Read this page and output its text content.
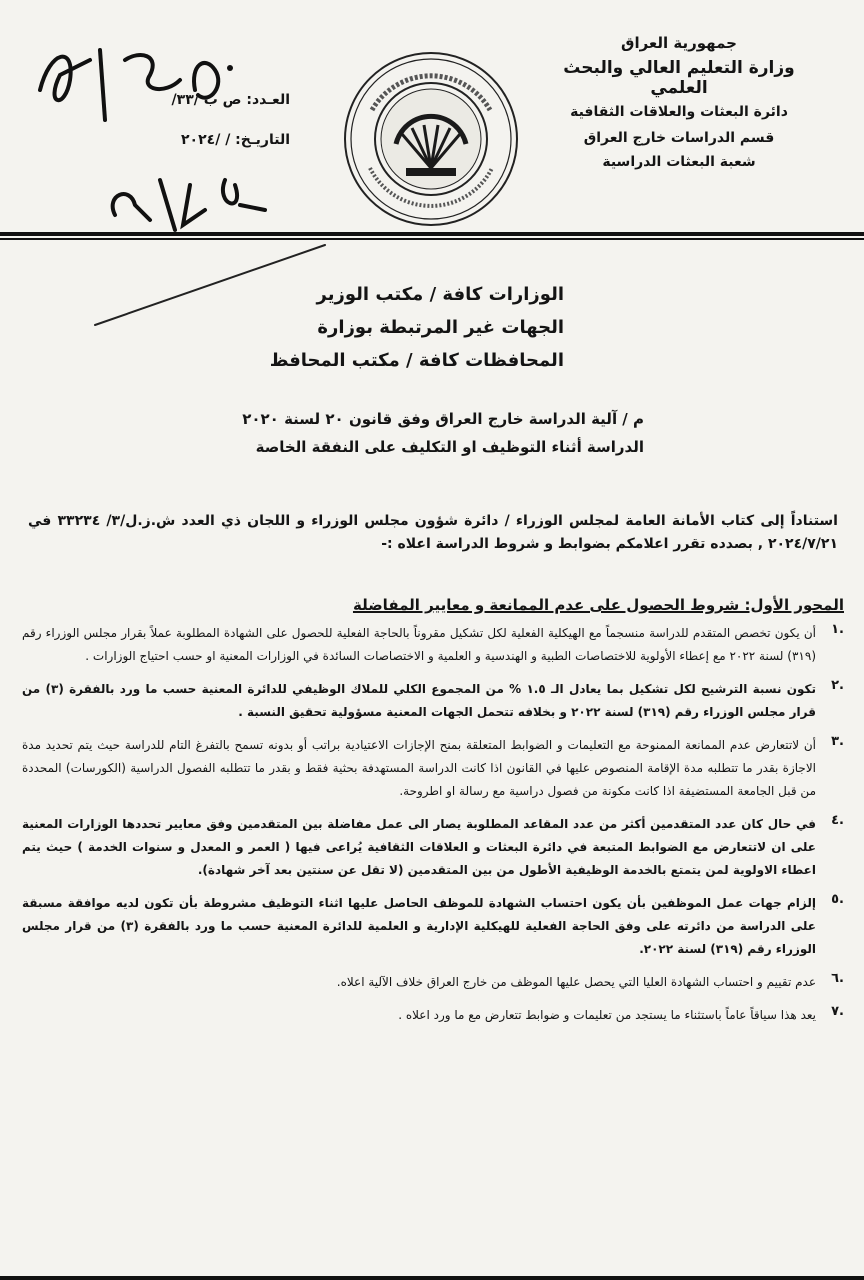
العـدد: ص ب /٣٣/
التاريـخ: / /٢٠٢٤
جمهورية العراق
وزارة التعليم العالي والبحث العلمي
دائرة البعثات والعلاقات الثقافية
قسم الدراسات خارج العراق
شعبة البعثات الدراسية
الوزارات كافة / مكتب الوزير
الجهات غير المرتبطة بوزارة
المحافظات كافة / مكتب المحافظ
م / آلية الدراسة خارج العراق وفق قانون ٢٠ لسنة ٢٠٢٠
الدراسة أثناء التوظيف او التكليف على النفقة الخاصة
استناداً إلى كتاب الأمانة العامة لمجلس الوزراء / دائرة شؤون مجلس الوزراء و اللجان ذي العدد ش.ز.ل/٣/ ٣٣٢٣٤ في ٢٠٢٤/٧/٢١ , بصدده تقرر اعلامكم بضوابط و شروط الدراسة اعلاه :-
المحور الأول: شروط الحصول على عدم الممانعة و معايير المفاضلة
.١
أن يكون تخصص المتقدم للدراسة منسجماً مع الهيكلية الفعلية لكل تشكيل مقروناً بالحاجة الفعلية للحصول على الشهادة المطلوبة عملاً بقرار مجلس الوزراء رقم (٣١٩) لسنة ٢٠٢٢ مع إعطاء الأولوية للاختصاصات الطبية و الهندسية و العلمية و الاختصاصات السائدة في الوزارات المعنية او حسب احتياج الوزارات .
.٢
تكون نسبة الترشيح لكل تشكيل بما يعادل الـ ١.٥ % من المجموع الكلي للملاك الوظيفي للدائرة المعنية حسب ما ورد بالفقرة (٣) من قرار مجلس الوزراء رقم (٣١٩) لسنة ٢٠٢٢ و بخلافه تتحمل الجهات المعنية مسؤولية تحقيق النسبة .
.٣
أن لاتتعارض عدم الممانعة الممنوحة مع التعليمات و الضوابط المتعلقة بمنح الإجازات الاعتيادية براتب أو بدونه تسمح بالتفرغ التام للدراسة حيث يتم تحديد مدة الاجازة بقدر ما تتطلبه مدة الإقامة المنصوص عليها في القانون اذا كانت الدراسة المستهدفة بحثية فقط و بقدر ما تتطلبه الفصول الدراسية (الكورسات) المحددة من قبل الجامعة المستضيفة اذا كانت مكونة من فصول دراسية مع رسالة او اطروحة.
.٤
في حال كان عدد المتقدمين أكثر من عدد المقاعد المطلوبة يصار الى عمل مفاضلة بين المتقدمين وفق معايير تحددها الوزارات المعنية على ان لاتتعارض مع الضوابط المتبعة في دائرة البعثات و العلاقات الثقافية يُراعى فيها ( العمر و المعدل و سنوات الخدمة ) حيث يتم اعطاء الاولوية لمن يتمتع بالخدمة الوظيفية الأطول من بين المتقدمين (لا تقل عن سنتين بعد آخر شهادة).
.٥
إلزام جهات عمل الموظفين بأن يكون احتساب الشهادة للموظف الحاصل عليها اثناء التوظيف مشروطة بأن تكون لديه موافقة مسبقة على الدراسة من دائرته على وفق الحاجة الفعلية للهيكلية الإدارية و العلمية للدائرة المعنية حسب ما ورد بالفقرة (٣) من قرار مجلس الوزراء رقم (٣١٩) لسنة ٢٠٢٢.
.٦
عدم تقييم و احتساب الشهادة العليا التي يحصل عليها الموظف من خارج العراق خلاف الآلية اعلاه.
.٧
يعد هذا سياقاً عاماً باستثناء ما يستجد من تعليمات و ضوابط تتعارض مع ما ورد اعلاه .
